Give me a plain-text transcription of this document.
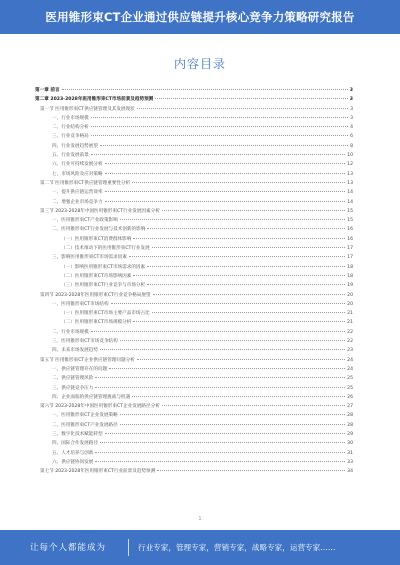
医用锥形束CT企业通过供应链提升核心竞争力策略研究报告
内容目录
第一章 前言	3
第二章 2023-2028年医用锥形束CT市场前景及趋势预测	3
第一节 医用锥形束CT供应链管理及其发展现状	3
一、行业市场规模	3
二、行业结构分析	4
三、行业竞争格局	6
四、行业发展趋势展望	8
五、行业发展前景	10
六、行业可持续发展分析	12
七、市场风险及应对策略	13
第二节 医用锥形束CT供应链管理重要性分析	13
一、提升供应链运营效率	14
二、增强企业市场竞争力	14
第三节 2023-2028年中国医用锥形束CT行业发展因素分析	15
一、医用锥形束CT产业政策影响	15
二、医用锥形束CT行业发展与技术创新的影响	16
（一）医用锥形束CT消费群体影响	16
（二）技术推动下的医用锥形束CT行业发展	17
三、影响医用锥形束CT市场需求因素	17
（一）影响医用锥形束CT市场需求的因素	18
（二）医用锥形束CT市场影响因素	18
（三）医用锥形束CT行业竞争与市场分析	19
第四节 2023-2028年医用锥形束CT行业竞争格局展望	20
一、医用锥形束CT市场结构	20
（一）医用锥形束CT市场主要产品市场占比	21
（二）医用锥形束CT市场规模分析	21
二、行业市场规模	22
三、医用锥形束CT市场竞争结构	22
四、未来市场发展趋势	23
第五节 医用锥形束CT企业供应链管理问题分析	24
一、供应链管理存在的问题	24
二、供应链管理风险	25
三、供应链竞争压力	25
四、企业面临的供应链管理挑战与机遇	26
第六节 2023-2028年中国医用锥形束CT企业发展路径分析	27
一、医用锥形束CT企业发展策略	28
二、医用锥形束CT产业发展路径	28
三、数字化技术赋能转型	29
四、国际合作发展路径	30
五、人才培养与创新	31
六、供应链协同发展	33
第七节 2023-2028年医用锥形束CT行业前景及趋势预测	34
1
让每个人都能成为	行业专家，管理专家，营销专家，战略专家，运营专家……
